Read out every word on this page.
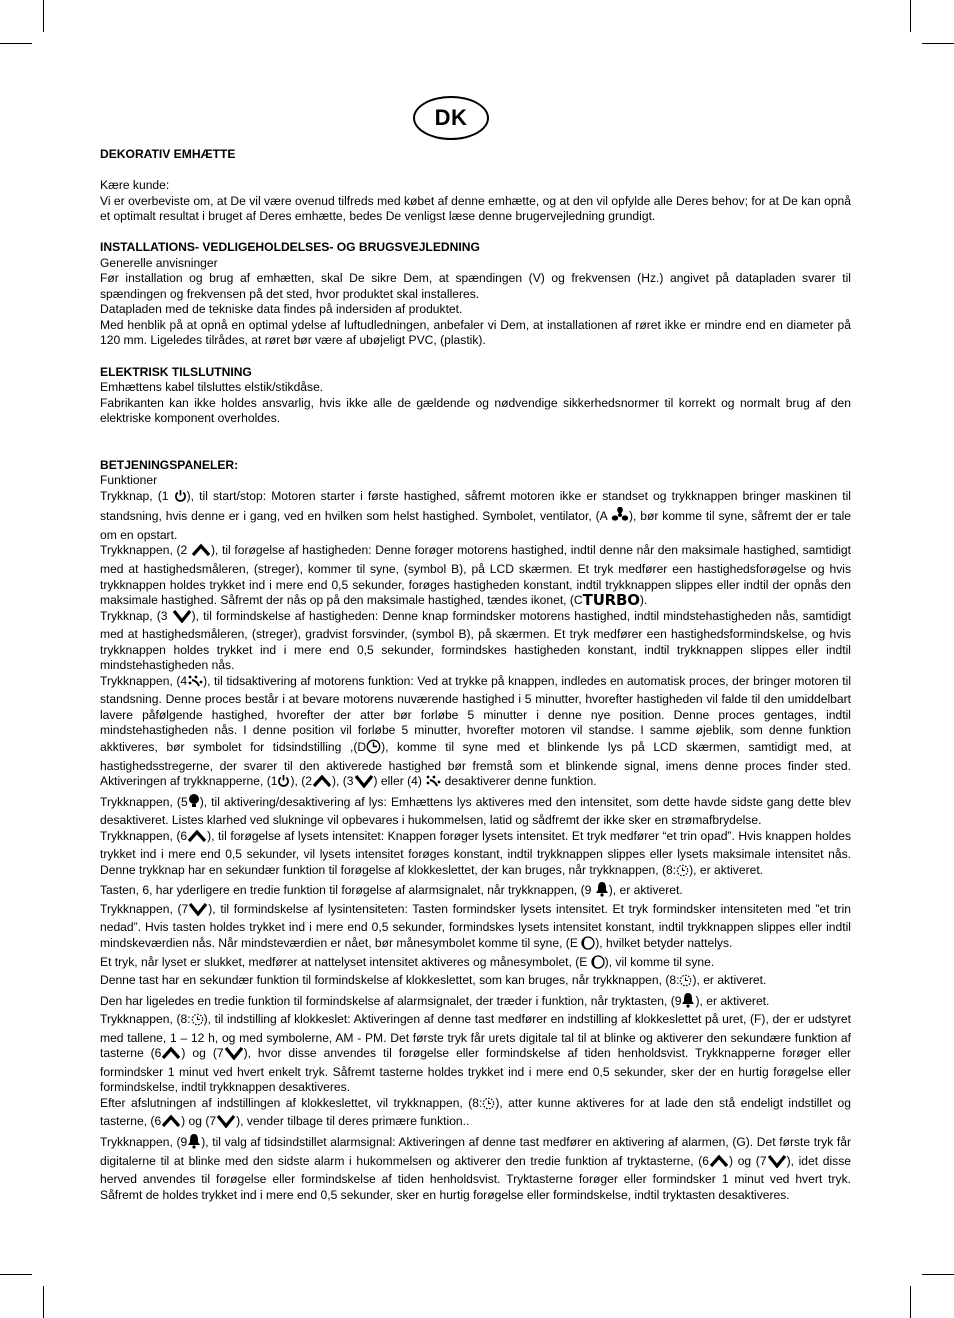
DK

DEKORATIV EMHÆTTE

Kære kunde:

Vi er overbeviste om, at De vil være ovenud tilfreds med købet af denne emhætte, og at den vil opfylde alle Deres behov; for at De kan opnå et optimalt resultat i bruget af Deres emhætte, bedes De venligst læse denne brugervejledning grundigt.

INSTALLATIONS- VEDLIGEHOLDELSES- OG BRUGSVEJLEDNING

Generelle anvisninger

Før installation og brug af emhætten, skal De sikre Dem, at spændingen (V) og frekvensen (Hz.) angivet på datapladen svarer til spændingen og frekvensen på det sted, hvor produktet skal installeres.

Datapladen med de tekniske data findes på indersiden af produktet.

Med henblik på at opnå en optimal ydelse af luftudledningen, anbefaler vi Dem, at installationen af røret ikke er mindre end en diameter på 120 mm. Ligeledes tilrådes, at røret bør være af ubøjeligt PVC, (plastik).

ELEKTRISK TILSLUTNING

Emhættens kabel tilsluttes elstik/stikdåse.

Fabrikanten kan ikke holdes ansvarlig, hvis ikke alle de gældende og nødvendige sikkerhedsnormer til korrekt og normalt brug af den elektriske komponent overholdes.

BETJENINGSPANELER:

Funktioner

Trykknap, (1 ), til start/stop: Motoren starter i første hastighed, såfremt motoren ikke er standset og trykknappen bringer maskinen til standsning, hvis denne er i gang, ved en hvilken som helst hastighed. Symbolet, ventilator, (A ), bør komme til syne, såfremt der er tale om en opstart.

Trykknappen, (2 ), til forøgelse af hastigheden: Denne forøger motorens hastighed, indtil denne når den maksimale hastighed, samtidigt med at hastighedsmåleren, (streger), kommer til syne, (symbol B), på LCD skærmen. Et tryk medfører een hastighedsforøgelse og hvis trykknappen holdes trykket ind i mere end 0,5 sekunder, forøges hastigheden konstant, indtil trykknappen slippes eller indtil der opnås den maksimale hastighed. Såfremt der nås op på den maksimale hastighed, tændes ikonet, (CTURBO).

Trykknap, (3 ), til formindskelse af hastigheden: Denne knap formindsker motorens hastighed, indtil mindstehastigheden nås, samtidigt med at hastighedsmåleren, (streger), gradvist forsvinder, (symbol B), på skærmen. Et tryk medfører een hastighedsformindskelse, og hvis trykknappen holdes trykket ind i mere end 0,5 sekunder, formindskes hastigheden konstant, indtil trykknappen slippes eller indtil mindstehastigheden nås.

Trykknappen, (4 ), til tidsaktivering af motorens funktion: Ved at trykke på knappen, indledes en automatisk proces, der bringer motoren til standsning. Denne proces består i at bevare motorens nuværende hastighed i 5 minutter, hvorefter hastigheden vil falde til den umiddelbart lavere påfølgende hastighed, hvorefter der atter bør forløbe 5 minutter i denne nye position. Denne proces gentages, indtil mindstehastigheden nås. I denne position vil forløbe 5 minutter, hvorefter motoren vil standse. I samme øjeblik, som denne funktion akktiveres, bør symbolet for tidsindstilling ,(D ), komme til syne med et blinkende lys på LCD skærmen, samtidigt med, at hastighedsstregerne, der svarer til den aktiverede hastighed bør fremstå som et blinkende signal, imens denne proces finder sted. Aktiveringen af trykknapperne, (1 ), (2 ), (3 ) eller (4)  desaktiverer denne funktion.

Trykknappen, (5 ), til aktivering/desaktivering af lys: Emhættens lys aktiveres med den intensitet, som dette havde sidste gang dette blev desaktiveret. Listes klarhed ved slukninge vil opbevares i hukommelsen, latid og sådfremt der ikke sker en strømafbrydelse.

Trykknappen, (6 ), til forøgelse af lysets intensitet: Knappen forøger lysets intensitet. Et tryk medfører “et trin opad”. Hvis knappen holdes trykket ind i mere end 0,5 sekunder, vil lysets intensitet forøges konstant, indtil trykknappen slippes eller lysets maksimale intensitet nås. Denne trykknap har en sekundær funktion til forøgelse af klokkeslettet, der kan bruges, når trykknappen, (8: ), er aktiveret.

Tasten, 6, har yderligere en tredie funktion til forøgelse af alarmsignalet, når trykknappen, (9 ), er aktiveret.

Trykknappen, (7 ), til formindskelse af lysintensiteten: Tasten formindsker lysets intensitet. Et tryk formindsker intensiteten med ”et trin nedad”. Hvis tasten holdes trykket ind i mere end 0,5 sekunder, formindskes lysets intensitet konstant, indtil trykknappen slippes eller indtil mindskeværdien nås. Når mindsteværdien er nået, bør månesymbolet komme til syne, (E ), hvilket betyder nattelys.

Et tryk, når lyset er slukket, medfører at nattelyset intensitet aktiveres og månesymbolet, (E ), vil komme til syne.

Denne tast har en sekundær funktion til formindskelse af klokkeslettet, som kan bruges, når trykknappen, (8: ), er aktiveret.

Den har ligeledes en tredie funktion til formindskelse af alarmsignalet, der træder i funktion, når tryktasten, (9 ), er aktiveret.

Trykknappen, (8: ), til indstilling af klokkeslet: Aktiveringen af denne tast medfører en indstilling af klokkeslettet på uret, (F), der er udstyret med tallene, 1 – 12 h, og med symbolerne, AM - PM. Det første tryk får urets digitale tal til at blinke og aktiverer den sekundære funktion af tasterne (6 ) og (7 ), hvor disse anvendes til forøgelse eller formindskelse af tiden henholdsvist. Trykknapperne forøger eller formindsker 1 minut ved hvert enkelt tryk. Såfremt tasterne holdes trykket ind i mere end 0,5 sekunder, sker der en hurtig forøgelse eller formindskelse, indtil trykknappen desaktiveres.

Efter afslutningen af indstillingen af klokkeslettet, vil trykknappen, (8: ), atter kunne aktiveres for at lade den stå endeligt indstillet og tasterne, (6 ) og (7 ), vender tilbage til deres primære funktion..

Trykknappen, (9 ), til valg af tidsindstillet alarmsignal: Aktiveringen af denne tast medfører en aktivering af alarmen, (G). Det første tryk får digitalerne til at blinke med den sidste alarm i hukommelsen og aktiverer den tredie funktion af tryktasterne, (6 ) og (7 ), idet disse herved anvendes til forøgelse eller formindskelse af tiden henholdsvist. Tryktasterne forøger eller formindsker 1 minut ved hvert tryk. Såfremt de holdes trykket ind i mere end 0,5 sekunder, sker en hurtig forøgelse eller formindskelse, indtil tryktasten desaktiveres.
